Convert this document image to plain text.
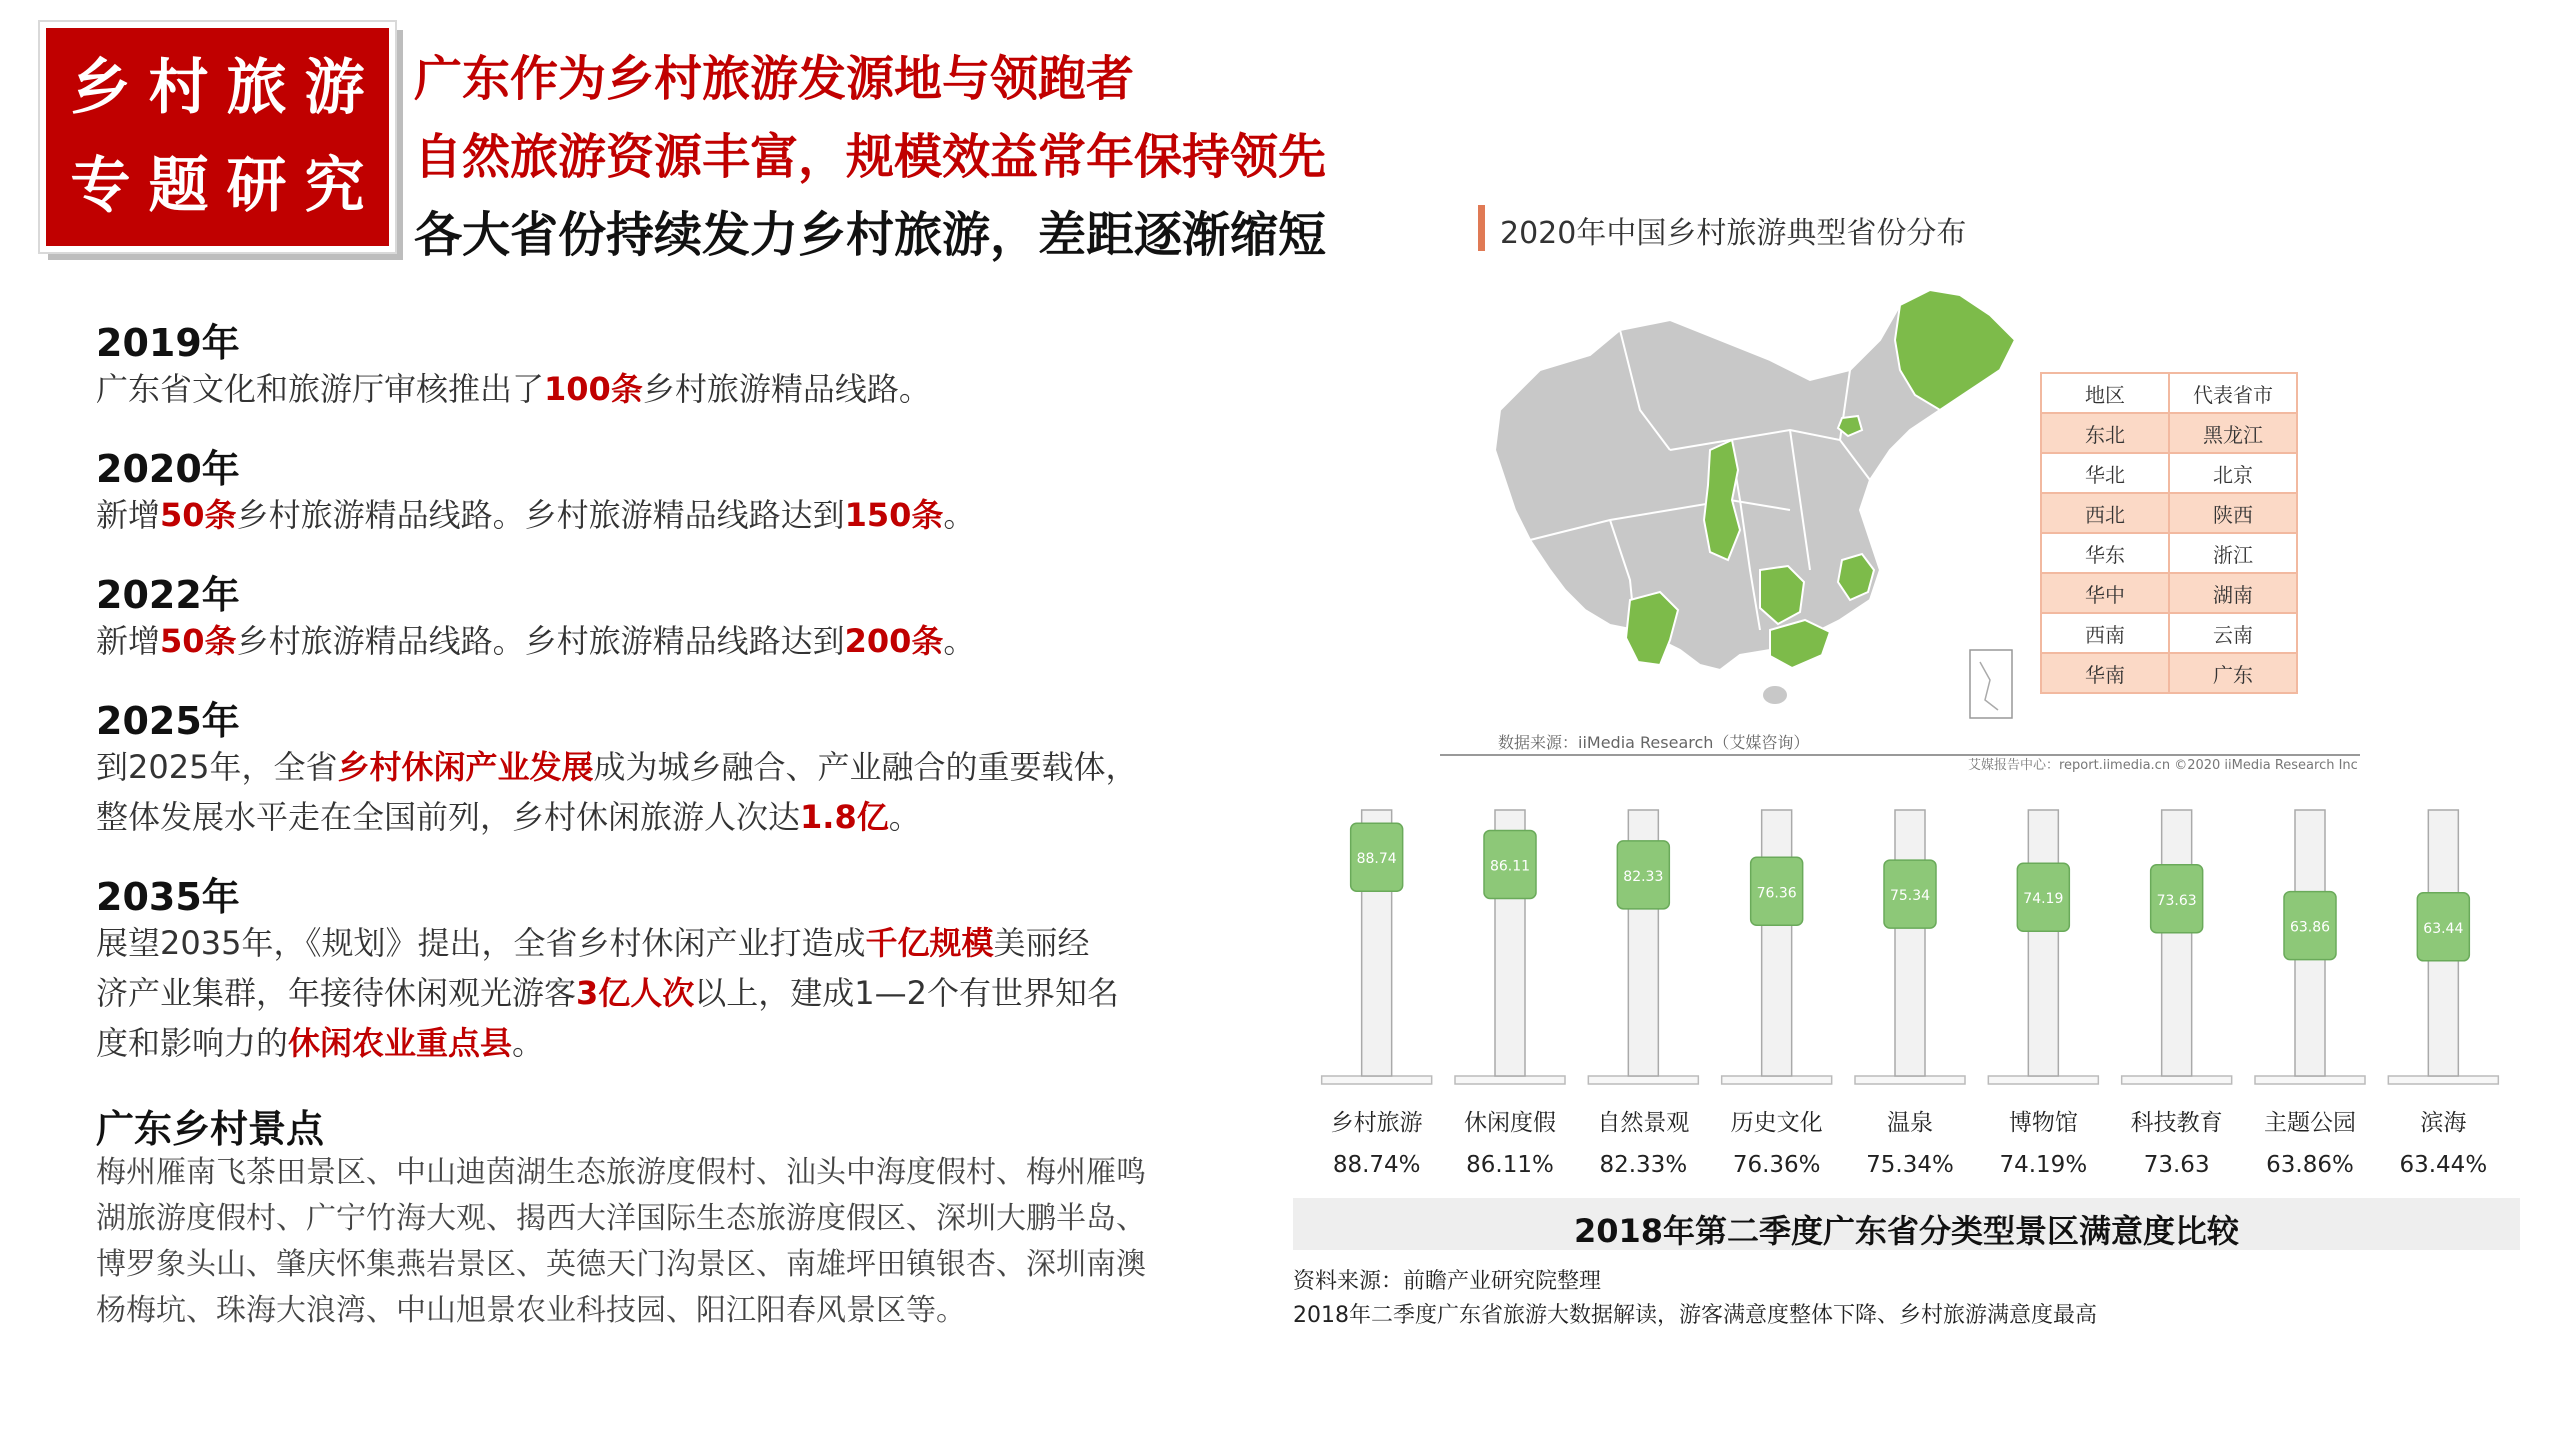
乡村旅游
专题研究
广东作为乡村旅游发源地与领跑者
自然旅游资源丰富，规模效益常年保持领先
各大省份持续发力乡村旅游，差距逐渐缩短
2019年
广东省文化和旅游厅审核推出了100条乡村旅游精品线路。
2020年
新增50条乡村旅游精品线路。乡村旅游精品线路达到150条。
2022年
新增50条乡村旅游精品线路。乡村旅游精品线路达到200条。
2025年
到2025年，全省乡村休闲产业发展成为城乡融合、产业融合的重要载体，
整体发展水平走在全国前列，乡村休闲旅游人次达1.8亿。
2035年
展望2035年，《规划》提出，全省乡村休闲产业打造成千亿规模美丽经
济产业集群，年接待休闲观光游客3亿人次以上，建成1—2个有世界知名
度和影响力的休闲农业重点县。
广东乡村景点
梅州雁南飞茶田景区、中山迪茵湖生态旅游度假村、汕头中海度假村、梅州雁鸣
湖旅游度假村、广宁竹海大观、揭西大洋国际生态旅游度假区、深圳大鹏半岛、
博罗象头山、肇庆怀集燕岩景区、英德天门沟景区、南雄坪田镇银杏、深圳南澳
杨梅坑、珠海大浪湾、中山旭景农业科技园、阳江阳春风景区等。
2020年中国乡村旅游典型省份分布
地区	代表省市
东北	黑龙江
华北	北京
西北	陕西
华东	浙江
华中	湖南
西南	云南
华南	广东
数据来源：iiMedia Research（艾媒咨询）
艾媒报告中心：report.iimedia.cn ©2020 iiMedia Research Inc
88.74
乡村旅游
88.74%
86.11
休闲度假
86.11%
82.33
自然景观
82.33%
76.36
历史文化
76.36%
75.34
温泉
75.34%
74.19
博物馆
74.19%
73.63
科技教育
73.63
63.86
主题公园
63.86%
63.44
滨海
63.44%
2018年第二季度广东省分类型景区满意度比较
资料来源：前瞻产业研究院整理
2018年二季度广东省旅游大数据解读，游客满意度整体下降、乡村旅游满意度最高
